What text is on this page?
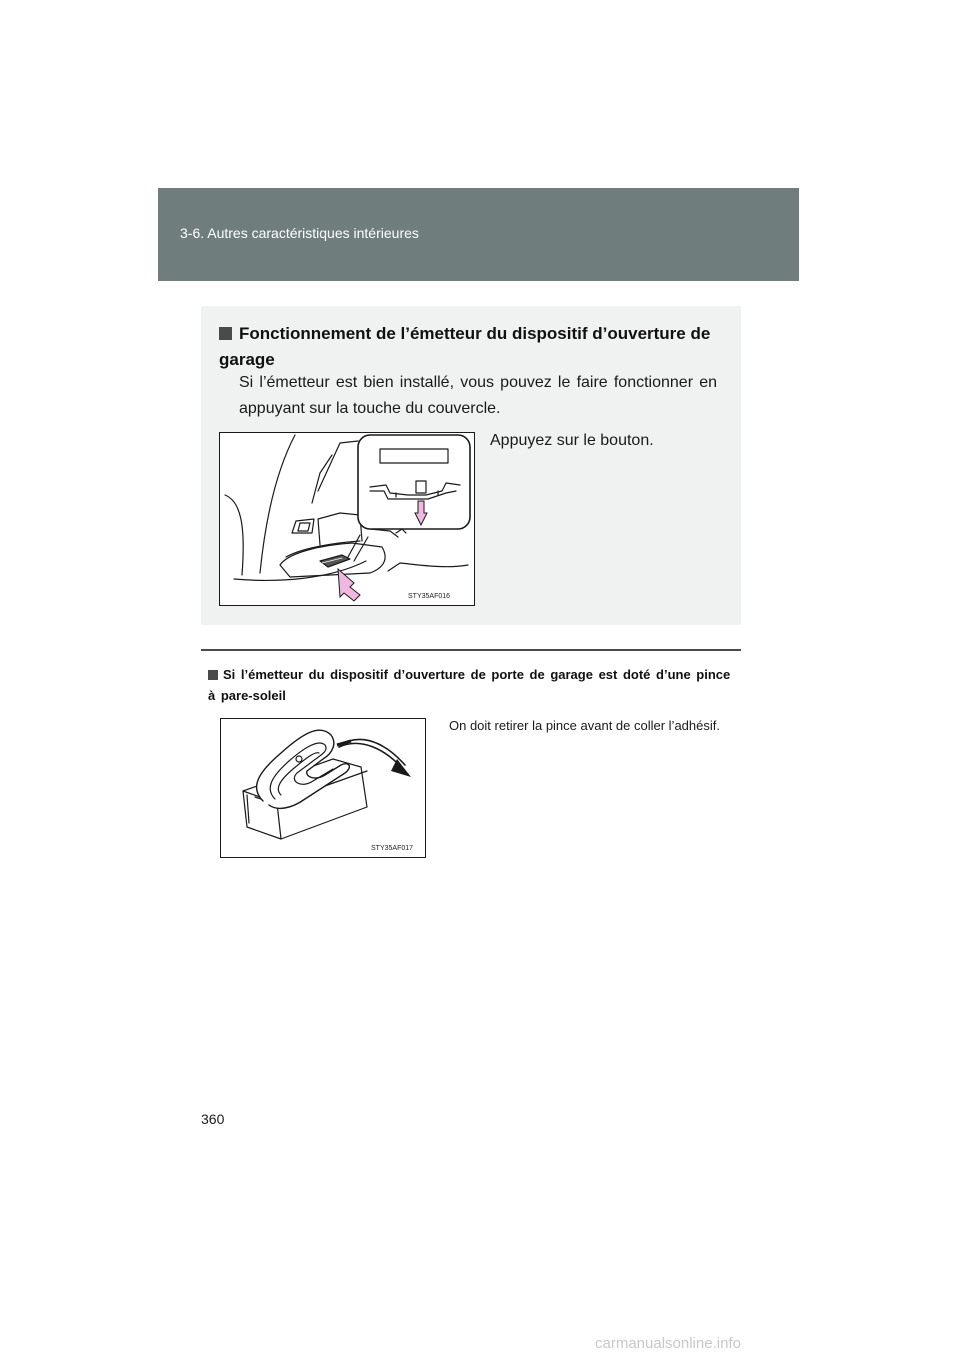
3-6. Autres caractéristiques intérieures
Fonctionnement de l’émetteur du dispositif d’ouverture de garage
Si l’émetteur est bien installé, vous pouvez le faire fonctionner en appuyant sur la touche du couvercle.
STY35AF016
Appuyez sur le bouton.
Si l’émetteur du dispositif d’ouverture de porte de garage est doté d’une pince à pare-soleil
STY35AF017
On doit retirer la pince avant de coller l’adhésif.
360
carmanualsonline.info
